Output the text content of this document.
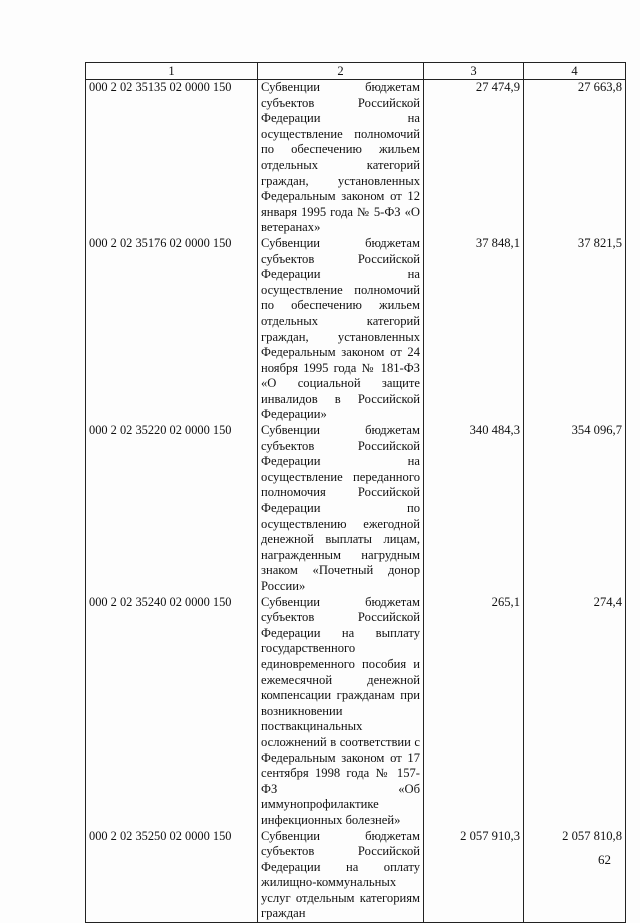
1	2	3	4
000 2 02 35135 02 0000 150	Субвенции бюджетам субъектов Российской Федерации на осуществление полномочий по обеспечению жильем отдельных категорий граждан, установленных Федеральным законом от 12 января 1995 года № 5-ФЗ «О ветеранах»	27 474,9	27 663,8
000 2 02 35176 02 0000 150	Субвенции бюджетам субъектов Российской Федерации на осуществление полномочий по обеспечению жильем отдельных категорий граждан, установленных Федеральным законом от 24 ноября 1995 года № 181-ФЗ «О социальной защите инвалидов в Российской Федерации»	37 848,1	37 821,5
000 2 02 35220 02 0000 150	Субвенции бюджетам субъектов Российской Федерации на осуществление переданного полномочия Российской Федерации по осуществлению ежегодной денежной выплаты лицам, награжденным нагрудным знаком «Почетный донор России»	340 484,3	354 096,7
000 2 02 35240 02 0000 150	Субвенции бюджетам субъектов Российской Федерации на выплату государственного единовременного пособия и ежемесячной денежной компенсации гражданам при возникновении поствакцинальных осложнений в соответствии с Федеральным законом от 17 сентября 1998 года № 157-ФЗ «Об иммунопрофилактике инфекционных болезней»	265,1	274,4
000 2 02 35250 02 0000 150	Субвенции бюджетам субъектов Российской Федерации на оплату жилищно-коммунальных услуг отдельным категориям граждан	2 057 910,3	2 057 810,8
62
